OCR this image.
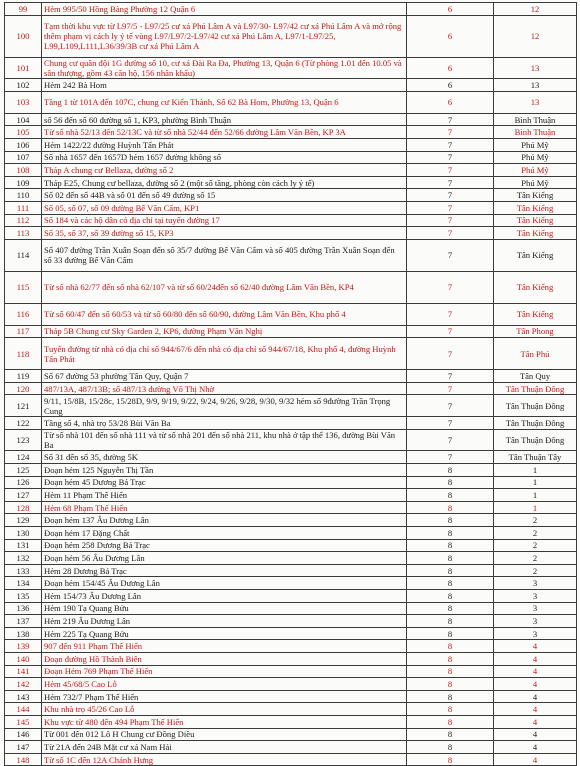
99	Hẻm 995/50 Hồng Bàng Phường 12 Quận 6	6	12
100	Tạm thời khu vực từ L97/5 - L97/25 cư xá Phú Lâm A và L97/30- L97/42 cư xá Phú Lâm A và mở rộng thêm phạm vị cách ly ỷ tế vùng L97/L97/2-L97/42 cư xá Phú Lâm A, L97/1-L97/25, L99,L109,L111,L36/39/3B cư xá Phú Lâm A	6	12
101	Chung cư quân đội 1G đường số 10, cư xá Đài Ra Đa, Phường 13, Quận 6 (Từ phòng 1.01 đến 10.05 và sân thượng, gồm 43 căn hộ, 156 nhân khẩu)	6	13
102	Hẻm 242 Bà Hom	6	13
103	Tầng 1 từ 101A đến 107C, chung cư Kiến Thành, Số 62 Bà Hom, Phường 13, Quận 6	6	13
104	số 56 đến số 60 đường số 1, KP3, phường Bình Thuận	7	Bình Thuận
105	Từ số nhà 52/13 đến 52/13C và từ số nhà 52/44 đến 52/66 đường Lâm Văn Bền, KP 3A	7	Bình Thuận
106	Hẻm 1422/22 đường Huỳnh Tấn Phát	7	Phú Mỹ
107	Số nhà 1657 đến 1657D hẻm 1657 đường không số	7	Phú Mỹ
108	Tháp A chung cư Bellaza, đường số 2	7	Phú Mỹ
109	Tháp E25, Chung cư bellaza, đường số 2 (một số tầng, phòng còn cách ly ỷ tế)	7	Phú Mỹ
110	Số 02 đến số 44B và số 01 đến số 49 đường số 15	7	Tân Kiểng
111	Số 05, số 07, số 09 đường Bế Văn Cấm, KP1	7	Tân Kiểng
112	Số 184 và các hộ dân có địa chỉ tại tuyến đường 17	7	Tân Kiểng
113	Số 35, số 37, số 39 đường số 15, KP3	7	Tân Kiểng
114	Số 407 đường Trần Xuân Soạn đến số 35/7 đường Bế Văn Cấm và số 405 đường Trần Xuân Soạn đến số 33 đường Bế Văn Cấm	7	Tân Kiểng
115	Từ số nhà 62/77 đến số nhà 62/107 và từ số 60/24đến số 62/40 đường Lâm Văn Bền, KP4	7	Tân Kiểng
116	Từ số 60/47 đến số 60/53 và từ số 60/80 đến số 60/90, đường Lâm Văn Bền, Khu phố 4	7	Tân Kiểng
117	Tháp 5B Chung cư Sky Garden 2, KP6, đường Phạm Văn Nghị	7	Tân Phong
118	Tuyến đường từ nhà có địa chỉ số 944/67/6 đến nhà có địa chỉ số 944/67/18, Khu phố 4, đường Huỳnh Tấn Phát	7	Tân Phú
119	Số 67 đường 53 phường Tân Quy, Quận 7	7	Tân Quy
120	487/13A, 487/13B; số 487/13 đường Võ Thị Nhờ	7	Tân Thuận Đông
121	9/11, 15/8B, 15/28c, 15/28D, 9/9, 9/19, 9/22, 9/24, 9/26, 9/28, 9/30, 9/32 hẻm số 9đường Trần Trọng Cung	7	Tân Thuận Đông
122	Tầng số 4, nhà trọ 53/28 Bùi Văn Ba	7	Tân Thuận Đông
123	Từ số nhà 101 đến số nhà 111 và từ số nhà 201 đến số nhà 211, khu nhà ở tập thể 136, đường Bùi Văn Ba	7	Tân Thuận Đông
124	Số 31 đến số 35, đường 5K	7	Tân Thuận Tây
125	Đoạn hẻm 125 Nguyễn Thị Tần	8	1
126	Đoạn hẻm 45 Dương Bá Trạc	8	1
127	Hẻm 11 Phạm Thế Hiển	8	1
128	Hẻm 68 Phạm Thế Hiển	8	1
129	Đoạn hẻm 137 Âu Dương Lân	8	2
130	Đoạn hẻm 17 Đặng Chất	8	2
131	Đoạn hẻm 258 Dương Bá Trạc	8	2
132	Đoạn hẻm 56 Âu Dương Lân	8	2
133	Hẻm 28 Dương Bá Trạc	8	2
134	Đoạn hẻm 154/45 Âu Dương Lân	8	3
135	Hẻm 154/73 Âu Dương Lân	8	3
136	Hẻm 190 Tạ Quang Bửu	8	3
137	Hẻm 219 Âu Dương Lân	8	3
138	Hẻm 225 Tạ Quang Bửu	8	3
139	907 đến 911 Phạm Thế Hiển	8	4
140	Đoạn đường Hồ Thành Biên	8	4
141	Đoạn Hẻm 769 Phạm Thế Hiển	8	4
142	Hẻm 45/68/5 Cao Lỗ	8	4
143	Hẻm 732/7 Phạm Thế Hiển	8	4
144	Khu nhà trọ 45/26 Cao Lỗ	8	4
145	Khu vực từ 480 đến 494 Phạm Thế Hiển	8	4
146	Từ 001 đến 012 Lô H Chung cư Đồng Diều	8	4
147	Từ 21A đến 24B Mặt cư xá Nam Hải	8	4
148	Từ số 1C đến 12A Chánh Hưng	8	4
